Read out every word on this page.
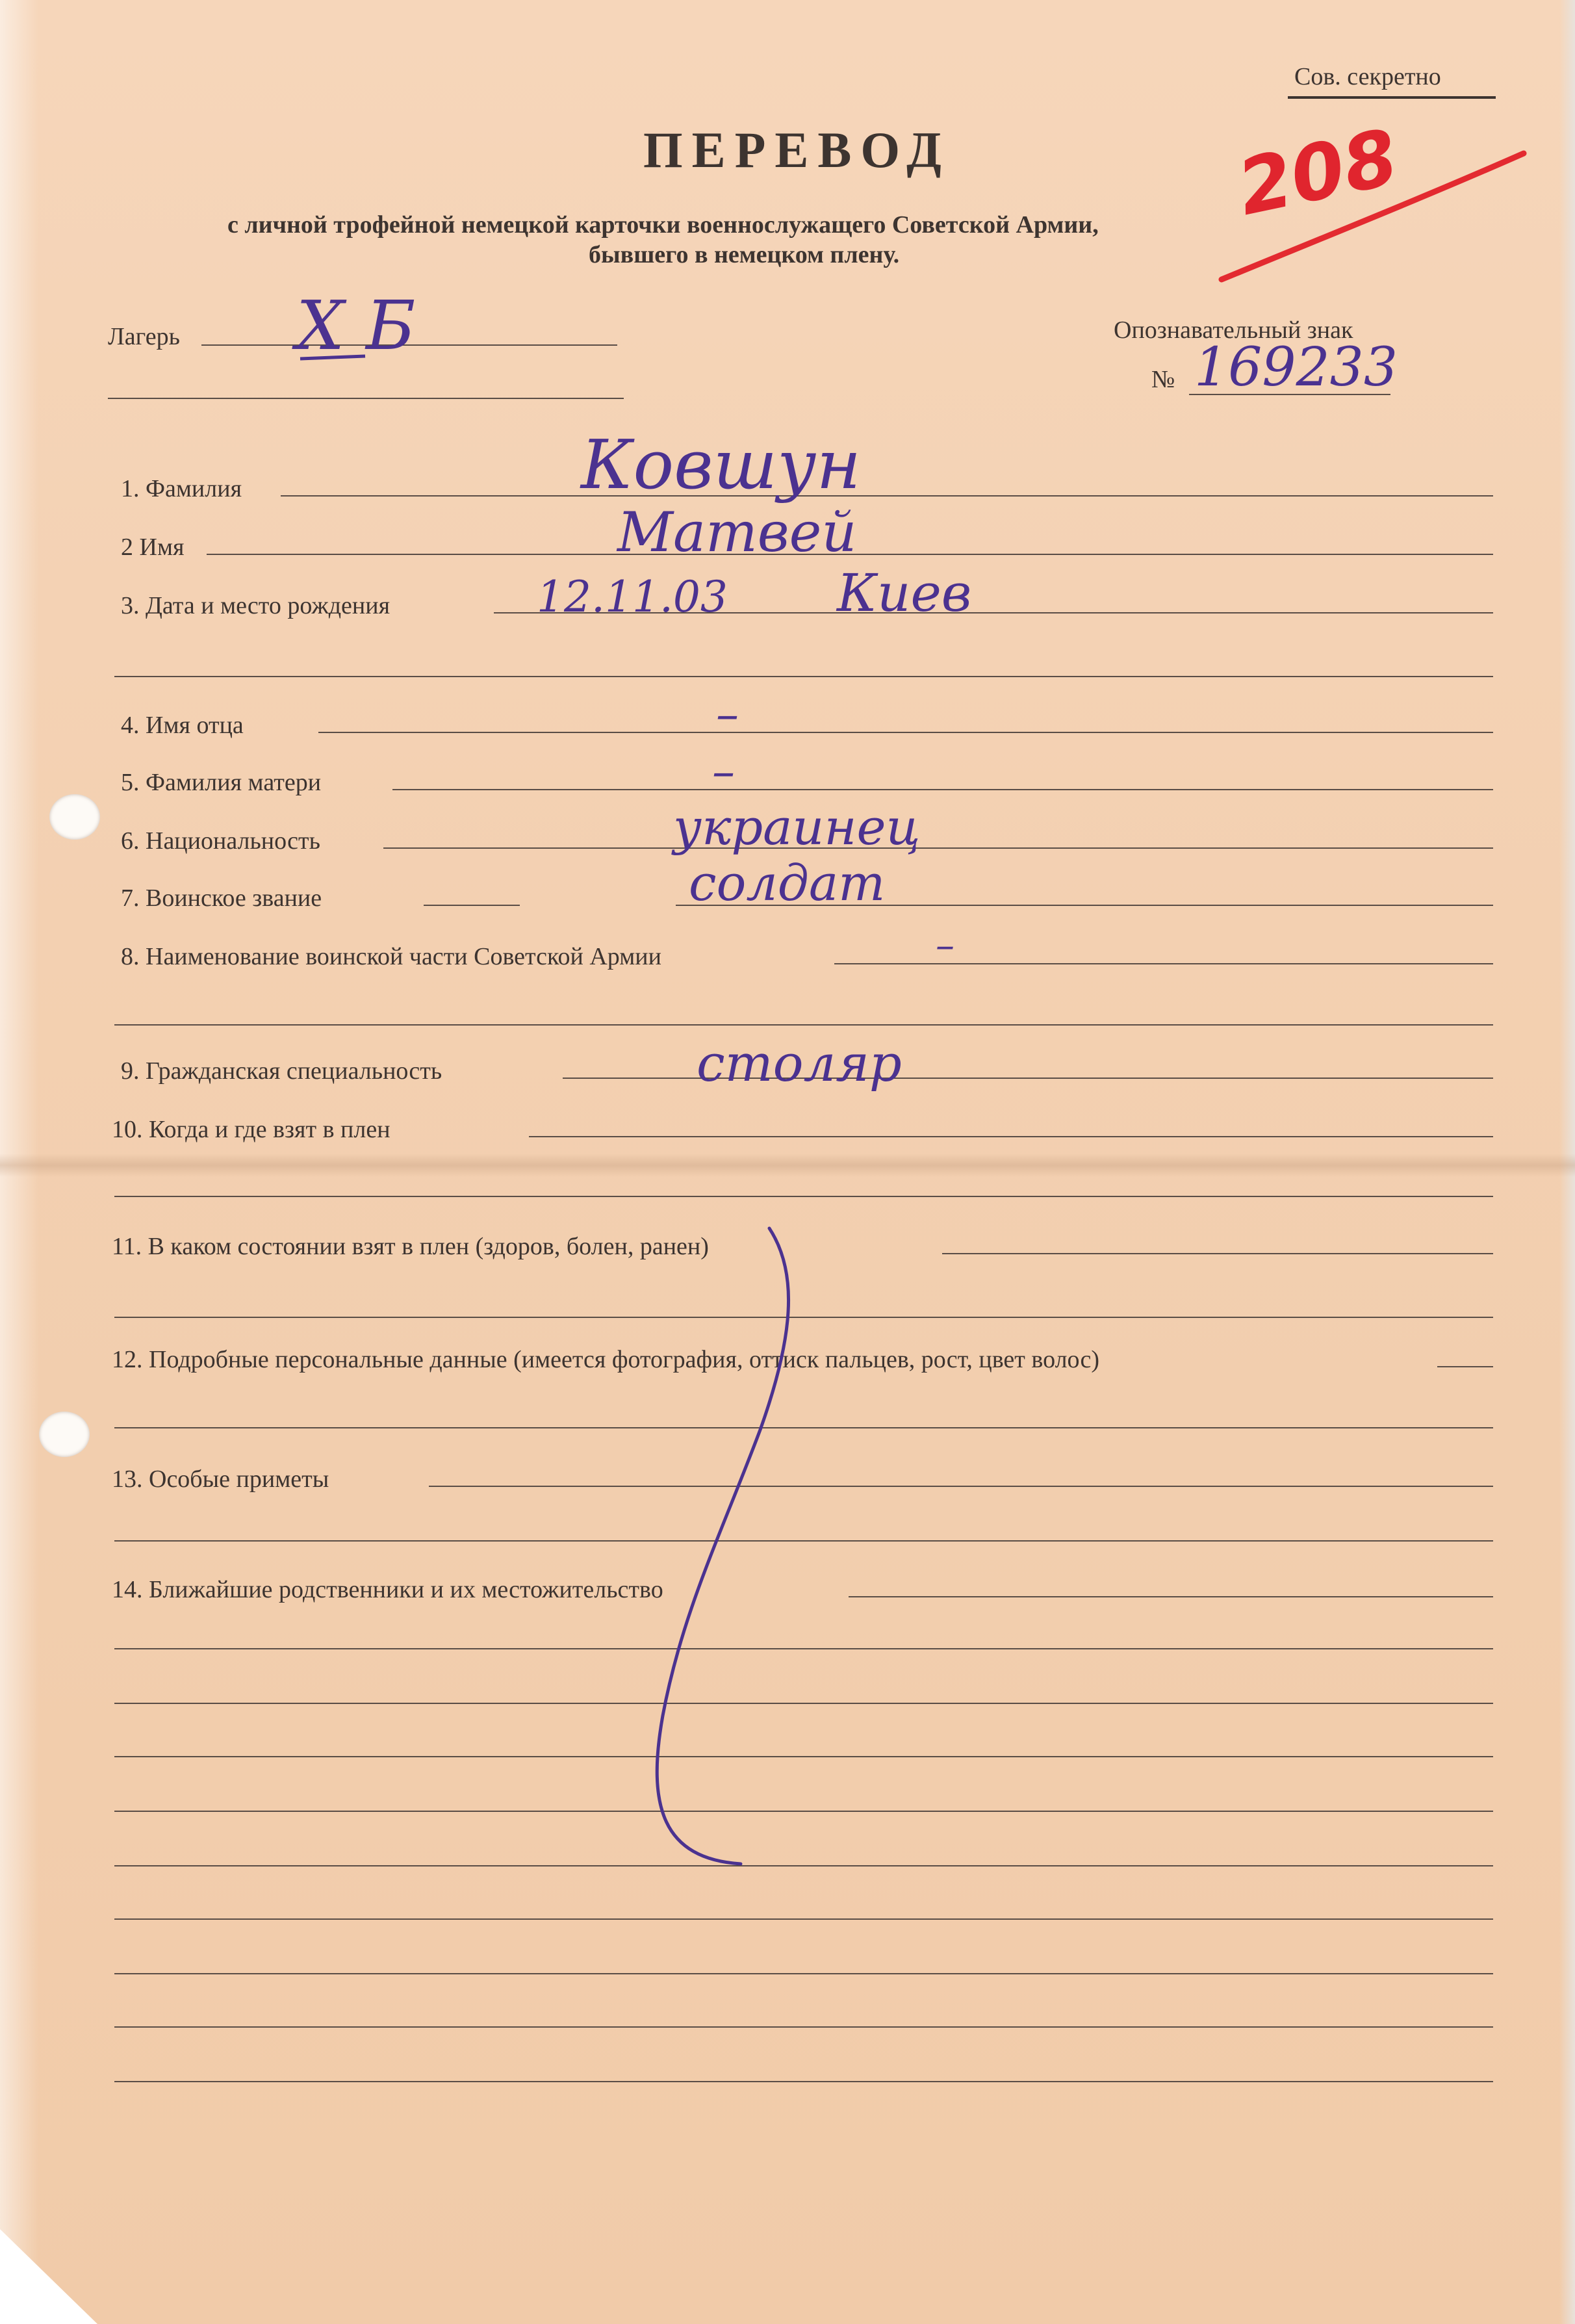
Сов. секретно
ПЕРЕВОД
с личной трофейной немецкой карточки военнослужащего Советской Армии,
бывшего в немецком плену.
208
Лагерь Х Б	Опознавательный знак
№ 169233
1. Фамилия	Ковшун
2 Имя	Матвей
3. Дата и место рождения	12.11.03 Киев
4. Имя отца	–
5. Фамилия матери	–
6. Национальность	украинец
7. Воинское звание	солдат
8. Наименование воинской части Советской Армии	–
9. Гражданская специальность	столяр
10. Когда и где взят в плен
11. В каком состоянии взят в плен (здоров, болен, ранен)
12. Подробные персональные данные (имеется фотография, оттиск пальцев, рост, цвет волос)
13. Особые приметы
14. Ближайшие родственники и их местожительство
